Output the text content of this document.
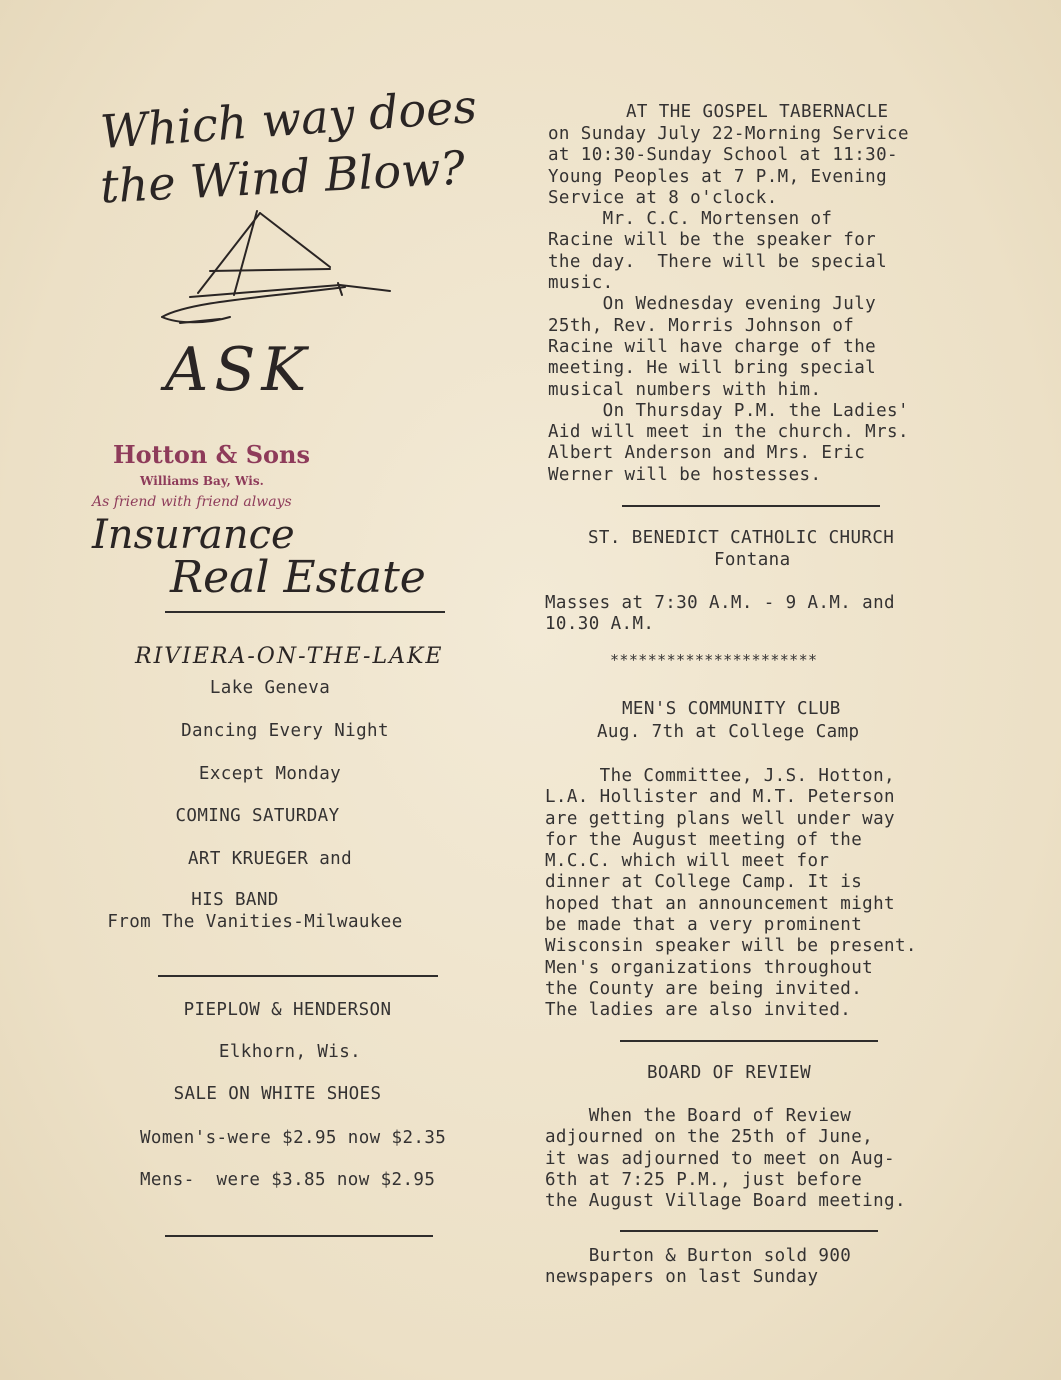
Which way does
the Wind Blow?
ASK
Hotton & Sons
Williams Bay, Wis.
As friend with friend always
Insurance
Real Estate
RIVIERA-ON-THE-LAKE
Lake Geneva
Dancing Every Night
Except Monday
COMING SATURDAY
ART KRUEGER and
HIS BAND
From The Vanities-Milwaukee
PIEPLOW & HENDERSON
Elkhorn, Wis.
SALE ON WHITE SHOES
Women's-were $2.95 now $2.35
Mens-  were $3.85 now $2.95
AT THE GOSPEL TABERNACLE
on Sunday July 22-Morning Service
at 10:30-Sunday School at 11:30-
Young Peoples at 7 P.M, Evening
Service at 8 o'clock.
Mr. C.C. Mortensen of
Racine will be the speaker for
the day.  There will be special
music.
On Wednesday evening July
25th, Rev. Morris Johnson of
Racine will have charge of the
meeting. He will bring special
musical numbers with him.
On Thursday P.M. the Ladies'
Aid will meet in the church. Mrs.
Albert Anderson and Mrs. Eric
Werner will be hostesses.
ST. BENEDICT CATHOLIC CHURCH
Fontana
Masses at 7:30 A.M. - 9 A.M. and
10.30 A.M.
**********************
MEN'S COMMUNITY CLUB
Aug. 7th at College Camp
The Committee, J.S. Hotton,
L.A. Hollister and M.T. Peterson
are getting plans well under way
for the August meeting of the
M.C.C. which will meet for
dinner at College Camp. It is
hoped that an announcement might
be made that a very prominent
Wisconsin speaker will be present.
Men's organizations throughout
the County are being invited.
The ladies are also invited.
BOARD OF REVIEW
When the Board of Review
adjourned on the 25th of June,
it was adjourned to meet on Aug-
6th at 7:25 P.M., just before
the August Village Board meeting.
Burton & Burton sold 900
newspapers on last Sunday
